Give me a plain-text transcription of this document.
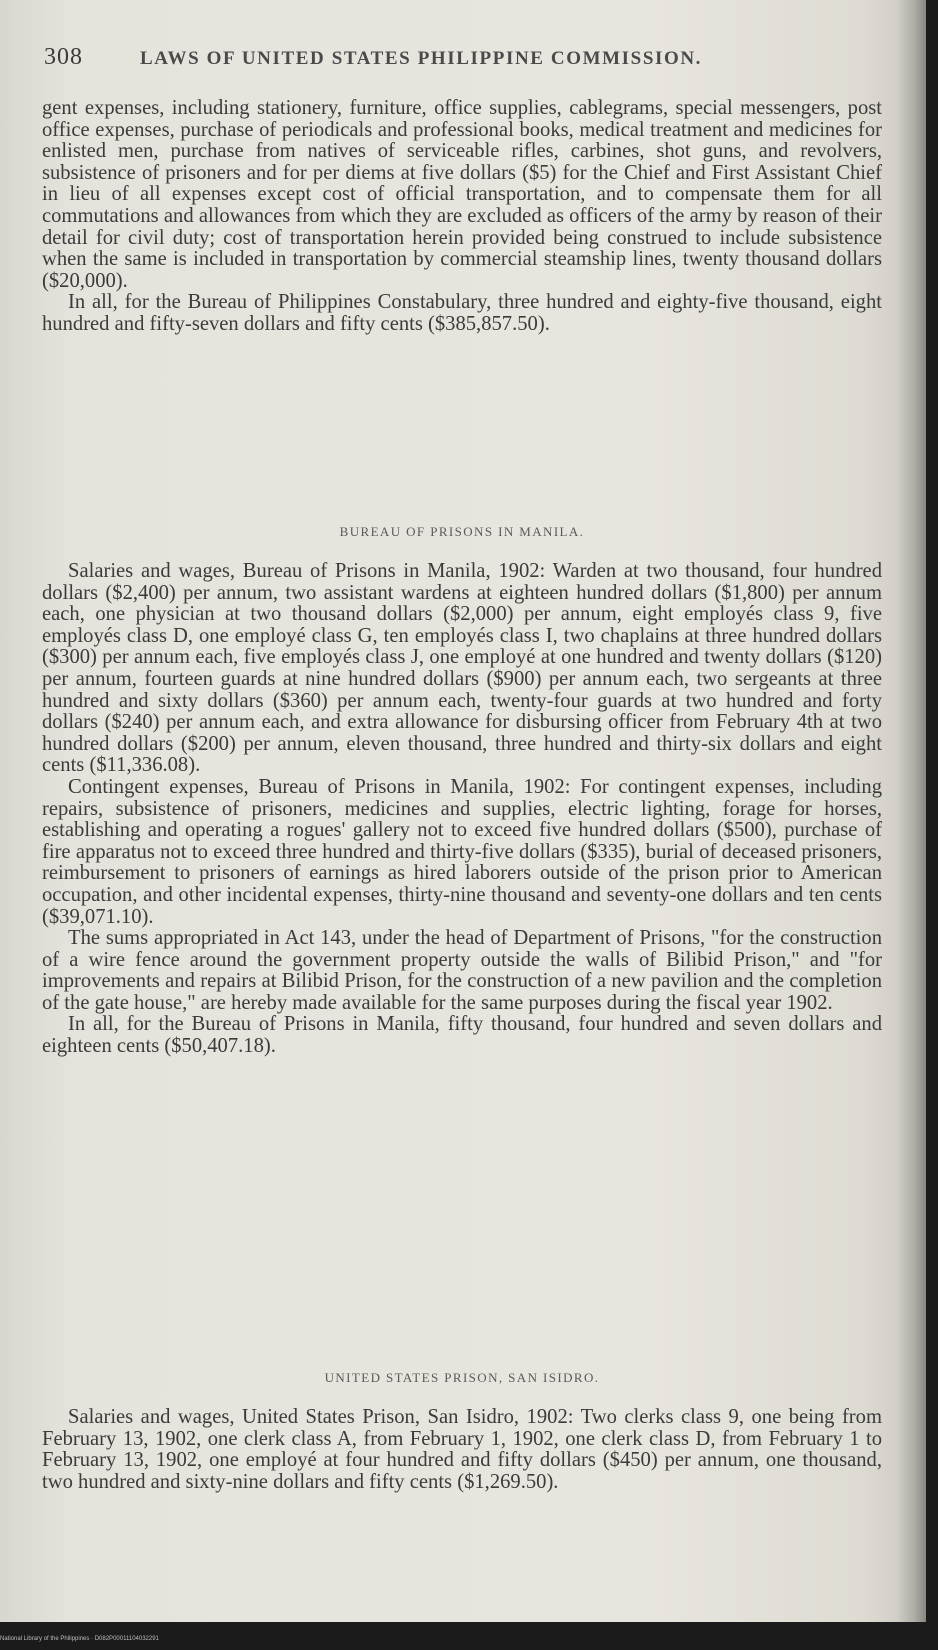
308	LAWS OF UNITED STATES PHILIPPINE COMMISSION.

gent expenses, including stationery, furniture, office supplies, cablegrams, special messengers, post office expenses, purchase of periodicals and professional books, medical treatment and medicines for enlisted men, purchase from natives of serviceable rifles, carbines, shot guns, and revolvers, subsistence of prisoners and for per diems at five dollars ($5) for the Chief and First Assistant Chief in lieu of all expenses except cost of official transportation, and to compensate them for all commutations and allowances from which they are excluded as officers of the army by reason of their detail for civil duty; cost of transportation herein provided being construed to include subsistence when the same is included in transportation by commercial steamship lines, twenty thousand dollars ($20,000).

In all, for the Bureau of Philippines Constabulary, three hundred and eighty-five thousand, eight hundred and fifty-seven dollars and fifty cents ($385,857.50).

BUREAU OF PRISONS IN MANILA.

Salaries and wages, Bureau of Prisons in Manila, 1902: Warden at two thousand, four hundred dollars ($2,400) per annum, two assistant wardens at eighteen hundred dollars ($1,800) per annum each, one physician at two thousand dollars ($2,000) per annum, eight employés class 9, five employés class D, one employé class G, ten employés class I, two chaplains at three hundred dollars ($300) per annum each, five employés class J, one employé at one hundred and twenty dollars ($120) per annum, fourteen guards at nine hundred dollars ($900) per annum each, two sergeants at three hundred and sixty dollars ($360) per annum each, twenty-four guards at two hundred and forty dollars ($240) per annum each, and extra allowance for disbursing officer from February 4th at two hundred dollars ($200) per annum, eleven thousand, three hundred and thirty-six dollars and eight cents ($11,336.08).

Contingent expenses, Bureau of Prisons in Manila, 1902: For contingent expenses, including repairs, subsistence of prisoners, medicines and supplies, electric lighting, forage for horses, establishing and operating a rogues' gallery not to exceed five hundred dollars ($500), purchase of fire apparatus not to exceed three hundred and thirty-five dollars ($335), burial of deceased prisoners, reimbursement to prisoners of earnings as hired laborers outside of the prison prior to American occupation, and other incidental expenses, thirty-nine thousand and seventy-one dollars and ten cents ($39,071.10).

The sums appropriated in Act 143, under the head of Department of Prisons, "for the construction of a wire fence around the government property outside the walls of Bilibid Prison," and "for improvements and repairs at Bilibid Prison, for the construction of a new pavilion and the completion of the gate house," are hereby made available for the same purposes during the fiscal year 1902.

In all, for the Bureau of Prisons in Manila, fifty thousand, four hundred and seven dollars and eighteen cents ($50,407.18).

UNITED STATES PRISON, SAN ISIDRO.

Salaries and wages, United States Prison, San Isidro, 1902: Two clerks class 9, one being from February 13, 1902, one clerk class A, from February 1, 1902, one clerk class D, from February 1 to February 13, 1902, one employé at four hundred and fifty dollars ($450) per annum, one thousand, two hundred and sixty-nine dollars and fifty cents ($1,269.50).

National Library of the Philippines · D082P00011104032291
